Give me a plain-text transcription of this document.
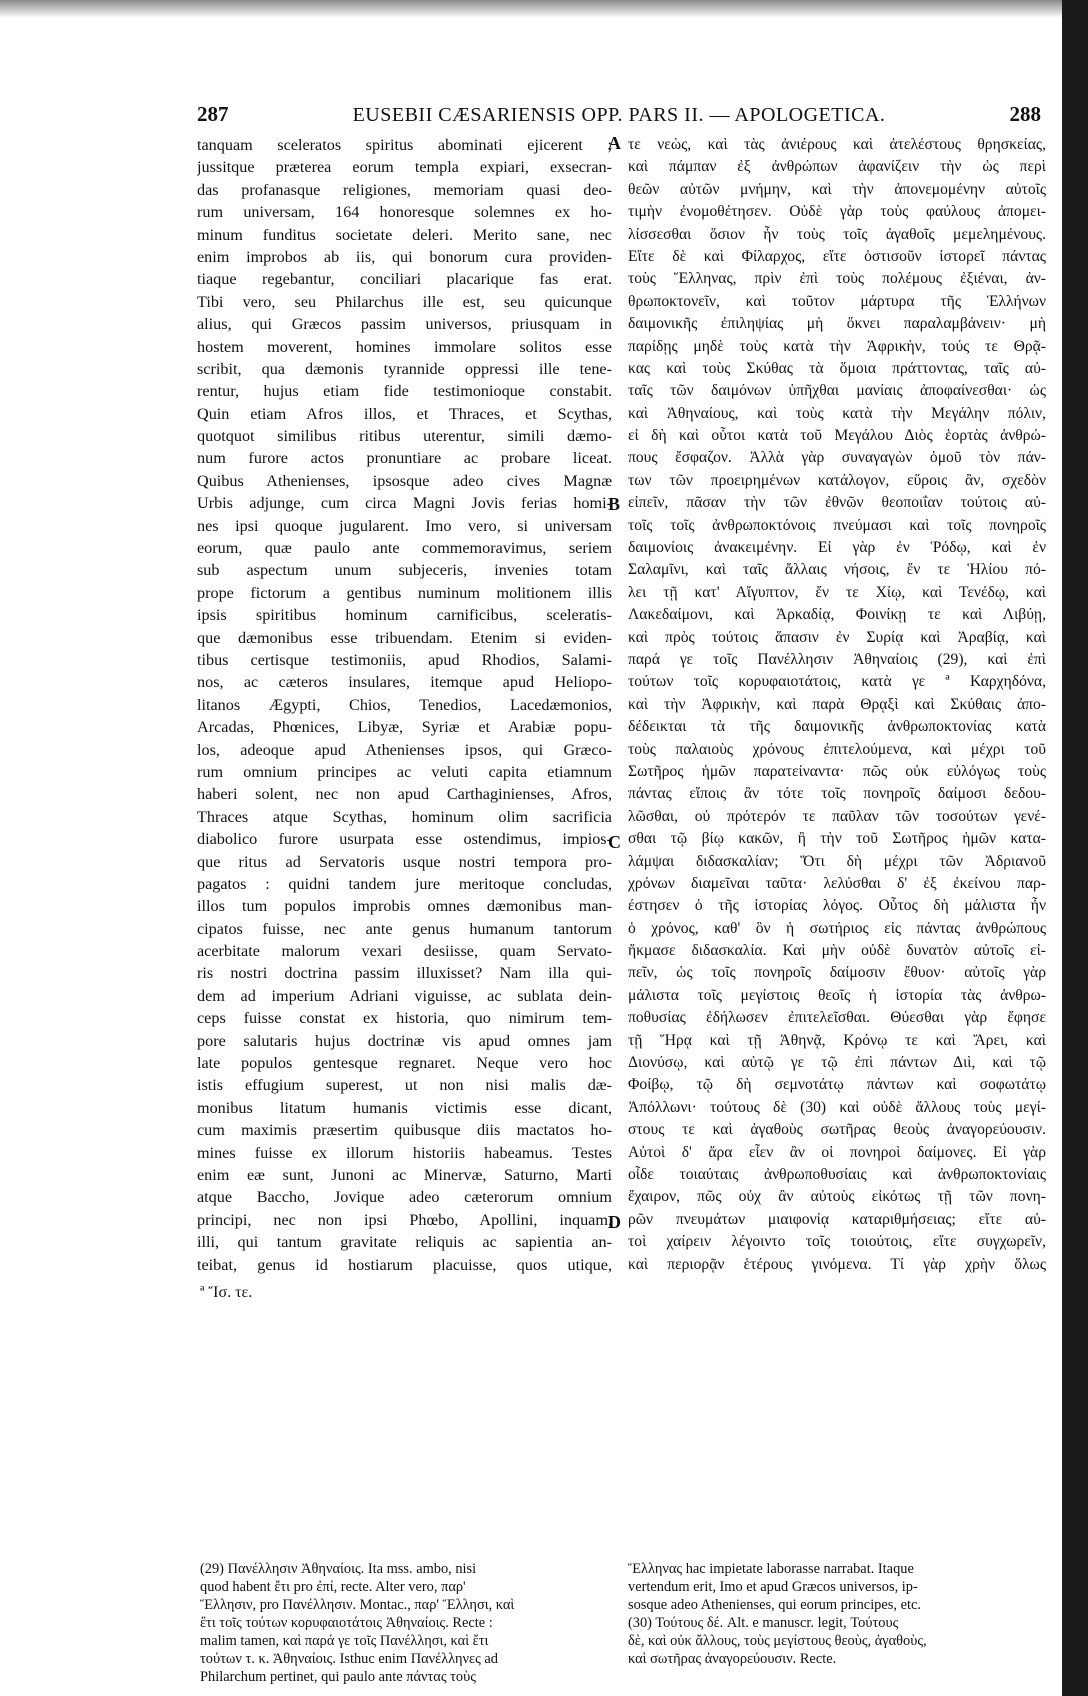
287	EUSEBII CÆSARIENSIS OPP. PARS II. — APOLOGETICA.	288
tanquam sceleratos spiritus abominati ejicerent ;
jussitque præterea eorum templa expiari, exsecran-
das profanasque religiones, memoriam quasi deo-
rum universam, 164 honoresque solemnes ex ho-
minum funditus societate deleri. Merito sane, nec
enim improbos ab iis, qui bonorum cura providen-
tiaque regebantur, conciliari placarique fas erat.
Tibi vero, seu Philarchus ille est, seu quicunque
alius, qui Græcos passim universos, priusquam in
hostem moverent, homines immolare solitos esse
scribit, qua dæmonis tyrannide oppressi ille tene-
rentur, hujus etiam fide testimonioque constabit.
Quin etiam Afros illos, et Thraces, et Scythas,
quotquot similibus ritibus uterentur, simili dæmo-
num furore actos pronuntiare ac probare liceat.
Quibus Athenienses, ipsosque adeo cives Magnæ
Urbis adjunge, cum circa Magni Jovis ferias homi-
nes ipsi quoque jugularent. Imo vero, si universam
eorum, quæ paulo ante commemoravimus, seriem
sub aspectum unum subjeceris, invenies totam
prope fictorum a gentibus numinum molitionem illis
ipsis spiritibus hominum carnificibus, sceleratis-
que dæmonibus esse tribuendam. Etenim si eviden-
tibus certisque testimoniis, apud Rhodios, Salami-
nos, ac cæteros insulares, itemque apud Heliopo-
litanos Ægypti, Chios, Tenedios, Lacedæmonios,
Arcadas, Phœnices, Libyæ, Syriæ et Arabiæ popu-
los, adeoque apud Athenienses ipsos, qui Græco-
rum omnium principes ac veluti capita etiamnum
haberi solent, nec non apud Carthaginienses, Afros,
Thraces atque Scythas, hominum olim sacrificia
diabolico furore usurpata esse ostendimus, impios-
que ritus ad Servatoris usque nostri tempora pro-
pagatos : quidni tandem jure meritoque concludas,
illos tum populos improbis omnes dæmonibus man-
cipatos fuisse, nec ante genus humanum tantorum
acerbitate malorum vexari desiisse, quam Servato-
ris nostri doctrina passim illuxisset? Nam illa qui-
dem ad imperium Adriani viguisse, ac sublata dein-
ceps fuisse constat ex historia, quo nimirum tem-
pore salutaris hujus doctrinæ vis apud omnes jam
late populos gentesque regnaret. Neque vero hoc
istis effugium superest, ut non nisi malis dæ-
monibus litatum humanis victimis esse dicant,
cum maximis præsertim quibusque diis mactatos ho-
mines fuisse ex illorum historiis habeamus. Testes
enim eæ sunt, Junoni ac Minervæ, Saturno, Marti
atque Baccho, Jovique adeo cæterorum omnium
principi, nec non ipsi Phœbo, Apollini, inquam,
illi, qui tantum gravitate reliquis ac sapientia an-
teibat, genus id hostiarum placuisse, quos utique,
τε νεὼς, καὶ τὰς ἀνιέρους καὶ ἀτελέστους θρησκείας,
καὶ πάμπαν ἐξ ἀνθρώπων ἀφανίζειν τὴν ὡς περὶ
θεῶν αὐτῶν μνήμην, καὶ τὴν ἀπονεμομένην αὐτοῖς
τιμὴν ἐνομοθέτησεν. Οὐδὲ γὰρ τοὺς φαύλους ἀπομει-
λίσσεσθαι ὅσιον ἦν τοὺς τοῖς ἀγαθοῖς μεμελημένους.
Εἴτε δὲ καὶ Φίλαρχος, εἴτε ὁστισοῦν ἱστορεῖ πάντας
τοὺς Ἕλληνας, πρὶν ἐπὶ τοὺς πολέμους ἐξιέναι, ἀν-
θρωποκτονεῖν, καὶ τοῦτον μάρτυρα τῆς Ἑλλήνων
δαιμονικῆς ἐπιληψίας μὴ ὄκνει παραλαμβάνειν· μὴ
παρίδῃς μηδὲ τοὺς κατὰ τὴν Ἀφρικὴν, τούς τε Θρᾷ-
κας καὶ τοὺς Σκύθας τὰ ὅμοια πράττοντας, ταῖς αὐ-
ταῖς τῶν δαιμόνων ὑπῆχθαι μανίαις ἀποφαίνεσθαι· ὡς
καὶ Ἀθηναίους, καὶ τοὺς κατὰ τὴν Μεγάλην πόλιν,
εἰ δὴ καὶ οὗτοι κατὰ τοῦ Μεγάλου Διὸς ἑορτὰς ἀνθρώ-
πους ἔσφαζον. Ἀλλὰ γὰρ συναγαγὼν ὁμοῦ τὸν πάν-
των τῶν προειρημένων κατάλογον, εὕροις ἂν, σχεδὸν
εἰπεῖν, πᾶσαν τὴν τῶν ἐθνῶν θεοποιΐαν τούτοις αὐ-
τοῖς τοῖς ἀνθρωποκτόνοις πνεύμασι καὶ τοῖς πονηροῖς
δαιμονίοις ἀνακειμένην. Εἰ γὰρ ἐν Ῥόδῳ, καὶ ἐν
Σαλαμῖνι, καὶ ταῖς ἄλλαις νήσοις, ἔν τε Ἡλίου πό-
λει τῇ κατ' Αἴγυπτον, ἔν τε Χίῳ, καὶ Τενέδῳ, καὶ
Λακεδαίμονι, καὶ Ἀρκαδίᾳ, Φοινίκῃ τε καὶ Λιβύῃ,
καὶ πρὸς τούτοις ἅπασιν ἐν Συρίᾳ καὶ Ἀραβίᾳ, καὶ
παρά γε τοῖς Πανέλλησιν Ἀθηναίοις (29), καὶ ἐπὶ
τούτων τοῖς κορυφαιοτάτοις, κατὰ γε ª Καρχηδόνα,
καὶ τὴν Ἀφρικὴν, καὶ παρὰ Θρᾳξὶ καὶ Σκύθαις ἀπο-
δέδεικται τὰ τῆς δαιμονικῆς ἀνθρωποκτονίας κατὰ
τοὺς παλαιοὺς χρόνους ἐπιτελούμενα, καὶ μέχρι τοῦ
Σωτῆρος ἡμῶν παρατείναντα· πῶς οὐκ εὐλόγως τοὺς
πάντας εἴποις ἂν τότε τοῖς πονηροῖς δαίμοσι δεδου-
λῶσθαι, οὐ πρότερόν τε παῦλαν τῶν τοσούτων γενέ-
σθαι τῷ βίῳ κακῶν, ἢ τὴν τοῦ Σωτῆρος ἡμῶν κατα-
λάμψαι διδασκαλίαν; Ὅτι δὴ μέχρι τῶν Ἀδριανοῦ
χρόνων διαμεῖναι ταῦτα· λελύσθαι δ' ἐξ ἐκείνου παρ-
έστησεν ὁ τῆς ἱστορίας λόγος. Οὗτος δὴ μάλιστα ἦν
ὁ χρόνος, καθ' ὃν ἡ σωτήριος εἰς πάντας ἀνθρώπους
ἤκμασε διδασκαλία. Καὶ μὴν οὐδὲ δυνατὸν αὐτοῖς εἰ-
πεῖν, ὡς τοῖς πονηροῖς δαίμοσιν ἔθυον· αὐτοῖς γὰρ
μάλιστα τοῖς μεγίστοις θεοῖς ἡ ἱστορία τὰς ἀνθρω-
ποθυσίας ἐδήλωσεν ἐπιτελεῖσθαι. Θύεσθαι γὰρ ἔφησε
τῇ Ἥρᾳ καὶ τῇ Ἀθηνᾷ, Κρόνῳ τε καὶ Ἄρει, καὶ
Διονύσῳ, καὶ αὐτῷ γε τῷ ἐπὶ πάντων Διὶ, καὶ τῷ
Φοίβῳ, τῷ δὴ σεμνοτάτῳ πάντων καὶ σοφωτάτῳ
Ἀπόλλωνι· τούτους δὲ (30) καὶ οὐδὲ ἄλλους τοὺς μεγί-
στους τε καὶ ἀγαθοὺς σωτῆρας θεοὺς ἀναγορεύουσιν.
Αὐτοὶ δ' ἄρα εἶεν ἂν οἱ πονηροὶ δαίμονες. Εἰ γὰρ
οἶδε τοιαύταις ἀνθρωποθυσίαις καὶ ἀνθρωποκτονίαις
ἔχαιρον, πῶς οὐχ ἂν αὐτοὺς εἰκότως τῇ τῶν πονη-
ρῶν πνευμάτων μιαιφονίᾳ καταριθμήσειας; εἴτε αὐ-
τοὶ χαίρειν λέγοιντο τοῖς τοιούτοις, εἴτε συγχωρεῖν,
καὶ περιορᾷν ἑτέρους γινόμενα. Τί γὰρ χρὴν ὅλως
A
B
C
D
ª Ἴσ. τε.
(29) Πανέλλησιν Ἀθηναίοις. Ita mss. ambo, nisi
quod habent ἔτι pro ἐπί, recte. Alter vero, παρ'
Ἕλλησιν, pro Πανέλλησιν. Montac., παρ' Ἕλλησι, καὶ
ἔτι τοῖς τούτων κορυφαιοτάτοις Ἀθηναίοις. Recte :
malim tamen, καὶ παρά γε τοῖς Πανέλλησι, καὶ ἔτι
τούτων τ. κ. Ἀθηναίοις. Isthuc enim Πανέλληνες ad
Philarchum pertinet, qui paulo ante πάντας τοὺς
Ἕλληνας hac impietate laborasse narrabat. Itaque
vertendum erit, Imo et apud Græcos universos, ip-
sosque adeo Athenienses, qui eorum principes, etc.
(30) Τούτους δέ. Alt. e manuscr. legit, Τούτους
δὲ, καὶ οὐκ ἄλλους, τοὺς μεγίστους θεοὺς, ἀγαθοὺς,
καὶ σωτῆρας ἀναγορεύουσιν. Recte.
